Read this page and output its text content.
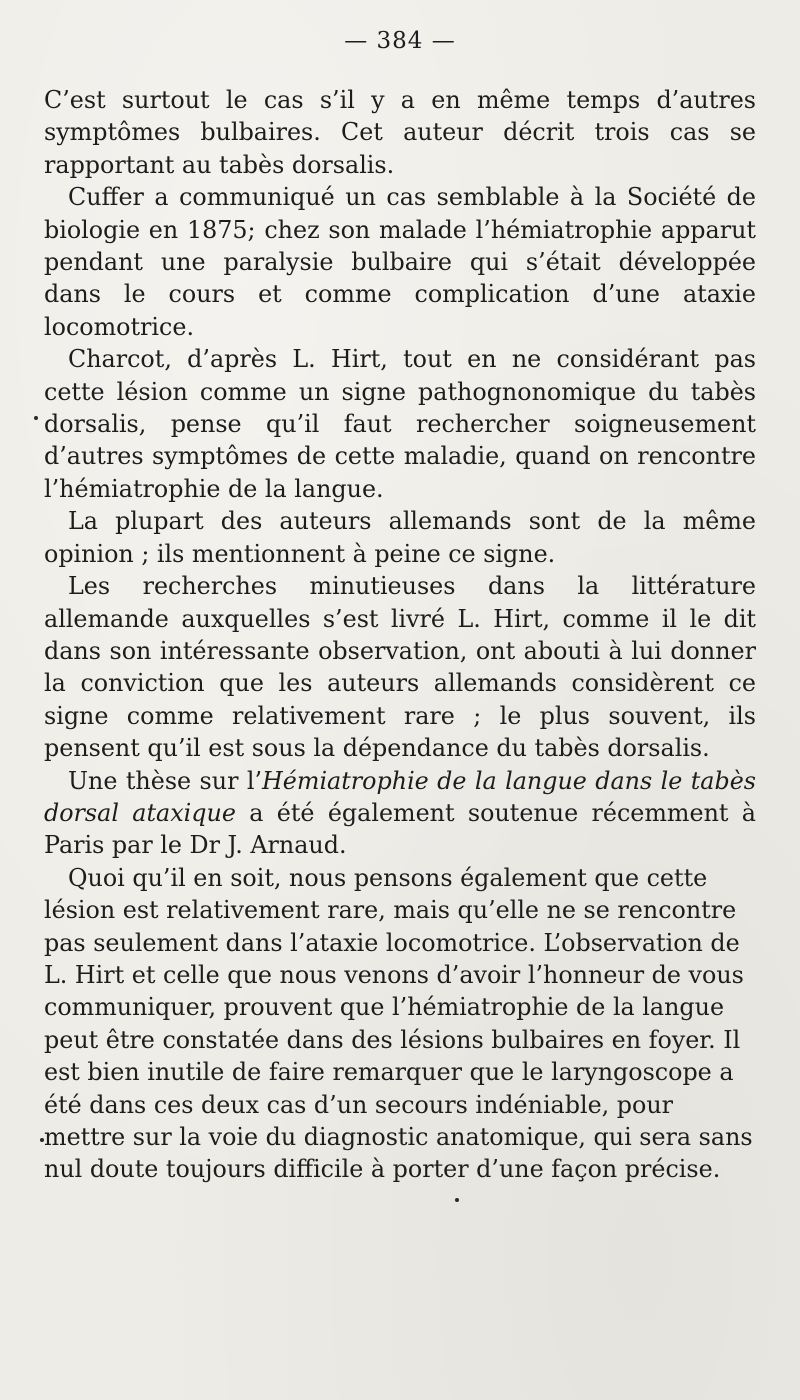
— 384 —

C’est surtout le cas s’il y a en même temps d’autres symptômes bulbaires. Cet auteur décrit trois cas se rapportant au tabès dorsalis.

Cuffer a communiqué un cas semblable à la Société de biologie en 1875; chez son malade l’hémiatrophie apparut pendant une paralysie bulbaire qui s’était développée dans le cours et comme complication d’une ataxie locomotrice.

Charcot, d’après L. Hirt, tout en ne considérant pas cette lésion comme un signe pathognonomique du tabès dorsalis, pense qu’il faut rechercher soigneusement d’autres symptômes de cette maladie, quand on rencontre l’hémiatrophie de la langue.

La plupart des auteurs allemands sont de la même opinion ; ils mentionnent à peine ce signe.

Les recherches minutieuses dans la littérature allemande auxquelles s’est livré L. Hirt, comme il le dit dans son intéressante observation, ont abouti à lui donner la conviction que les auteurs allemands considèrent ce signe comme relativement rare ; le plus souvent, ils pensent qu’il est sous la dépendance du tabès dorsalis.

Une thèse sur l’Hémiatrophie de la langue dans le tabès dorsal ataxique a été également soutenue récemment à Paris par le Dr J. Arnaud.

Quoi qu’il en soit, nous pensons également que cette lésion est relativement rare, mais qu’elle ne se rencontre pas seulement dans l’ataxie locomotrice. L’observation de L. Hirt et celle que nous venons d’avoir l’honneur de vous communiquer, prouvent que l’hémiatrophie de la langue peut être constatée dans des lésions bulbaires en foyer. Il est bien inutile de faire remarquer que le laryngoscope a été dans ces deux cas d’un secours indéniable, pour mettre sur la voie du diagnostic anatomique, qui sera sans nul doute toujours difficile à porter d’une façon précise.
